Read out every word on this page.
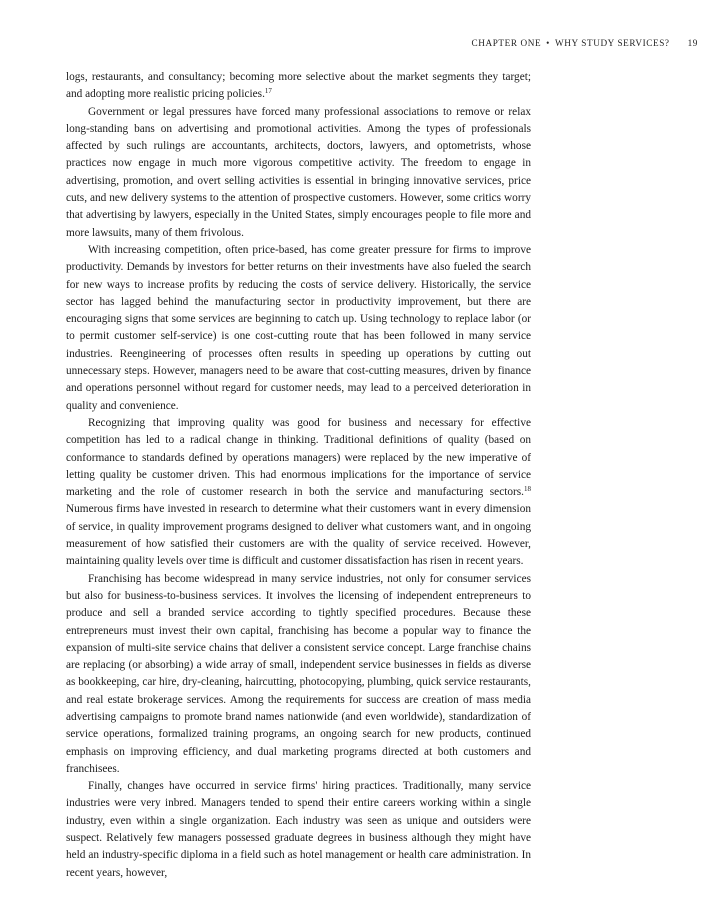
CHAPTER ONE • WHY STUDY SERVICES? 19

logs, restaurants, and consultancy; becoming more selective about the market segments they target; and adopting more realistic pricing policies.$^{17}$

Government or legal pressures have forced many professional associations to remove or relax long-standing bans on advertising and promotional activities. Among the types of professionals affected by such rulings are accountants, architects, doctors, lawyers, and optometrists, whose practices now engage in much more vigorous competitive activity. The freedom to engage in advertising, promotion, and overt selling activities is essential in bringing innovative services, price cuts, and new delivery systems to the attention of prospective customers. However, some critics worry that advertising by lawyers, especially in the United States, simply encourages people to file more and more lawsuits, many of them frivolous.

With increasing competition, often price-based, has come greater pressure for firms to improve productivity. Demands by investors for better returns on their investments have also fueled the search for new ways to increase profits by reducing the costs of service delivery. Historically, the service sector has lagged behind the manufacturing sector in productivity improvement, but there are encouraging signs that some services are beginning to catch up. Using technology to replace labor (or to permit customer self-service) is one cost-cutting route that has been followed in many service industries. Reengineering of processes often results in speeding up operations by cutting out unnecessary steps. However, managers need to be aware that cost-cutting measures, driven by finance and operations personnel without regard for customer needs, may lead to a perceived deterioration in quality and convenience.

Recognizing that improving quality was good for business and necessary for effective competition has led to a radical change in thinking. Traditional definitions of quality (based on conformance to standards defined by operations managers) were replaced by the new imperative of letting quality be customer driven. This had enormous implications for the importance of service marketing and the role of customer research in both the service and manufacturing sectors.$^{18}$ Numerous firms have invested in research to determine what their customers want in every dimension of service, in quality improvement programs designed to deliver what customers want, and in ongoing measurement of how satisfied their customers are with the quality of service received. However, maintaining quality levels over time is difficult and customer dissatisfaction has risen in recent years.

Franchising has become widespread in many service industries, not only for consumer services but also for business-to-business services. It involves the licensing of independent entrepreneurs to produce and sell a branded service according to tightly specified procedures. Because these entrepreneurs must invest their own capital, franchising has become a popular way to finance the expansion of multi-site service chains that deliver a consistent service concept. Large franchise chains are replacing (or absorbing) a wide array of small, independent service businesses in fields as diverse as bookkeeping, car hire, dry-cleaning, haircutting, photocopying, plumbing, quick service restaurants, and real estate brokerage services. Among the requirements for success are creation of mass media advertising campaigns to promote brand names nationwide (and even worldwide), standardization of service operations, formalized training programs, an ongoing search for new products, continued emphasis on improving efficiency, and dual marketing programs directed at both customers and franchisees.

Finally, changes have occurred in service firms' hiring practices. Traditionally, many service industries were very inbred. Managers tended to spend their entire careers working within a single industry, even within a single organization. Each industry was seen as unique and outsiders were suspect. Relatively few managers possessed graduate degrees in business although they might have held an industry-specific diploma in a field such as hotel management or health care administration. In recent years, however,
